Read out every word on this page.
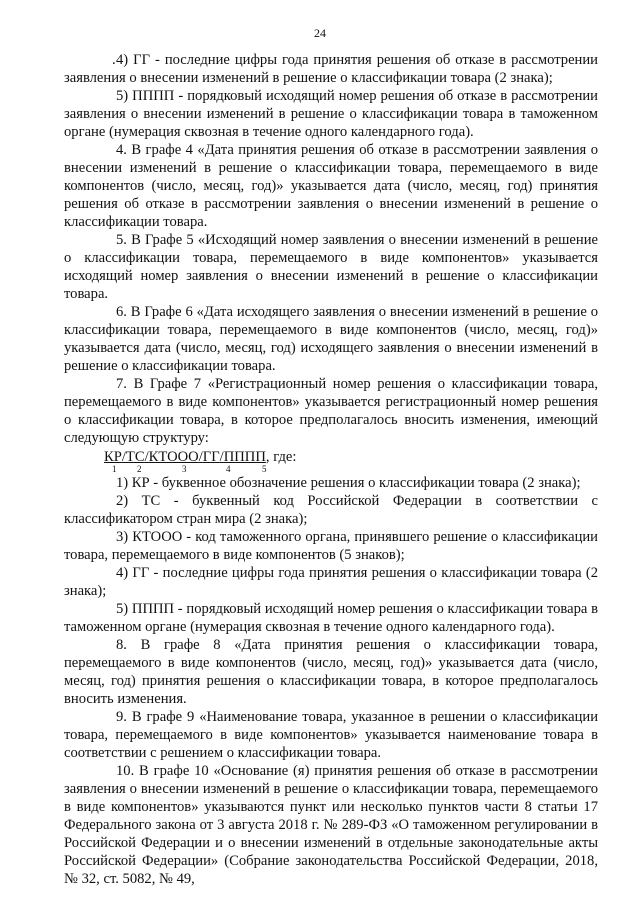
24

. 4) ГГ - последние цифры года принятия решения об отказе в рассмотрении заявления о внесении изменений в решение о классификации товара (2 знака);

5) ПППП - порядковый исходящий номер решения об отказе в рассмотрении заявления о внесении изменений в решение о классификации товара в таможенном органе (нумерация сквозная в течение одного календарного года).

4. В графе 4 «Дата принятия решения об отказе в рассмотрении заявления о внесении изменений в решение о классификации товара, перемещаемого в виде компонентов (число, месяц, год)» указывается дата (число, месяц, год) принятия решения об отказе в рассмотрении заявления о внесении изменений в решение о классификации товара.

5. В Графе 5 «Исходящий номер заявления о внесении изменений в решение о классификации товара, перемещаемого в виде компонентов» указывается исходящий номер заявления о внесении изменений в решение о классификации товара.

6. В Графе 6 «Дата исходящего заявления о внесении изменений в решение о классификации товара, перемещаемого в виде компонентов (число, месяц, год)» указывается дата (число, месяц, год) исходящего заявления о внесении изменений в решение о классификации товара.

7. В Графе 7 «Регистрационный номер решения о классификации товара, перемещаемого в виде компонентов» указывается регистрационный номер решения о классификации товара, в которое предполагалось вносить изменения, имеющий следующую структуру:

КР/ТС/КТООО/ГГ/ПППП, где:
1 2	3	4	5

1) КР - буквенное обозначение решения о классификации товара (2 знака);

2) ТС - буквенный код Российской Федерации в соответствии с классификатором стран мира (2 знака);

3) КТООО - код таможенного органа, принявшего решение о классификации товара, перемещаемого в виде компонентов (5 знаков);

4) ГГ - последние цифры года принятия решения о классификации товара (2 знака);

5) ПППП - порядковый исходящий номер решения о классификации товара в таможенном органе (нумерация сквозная в течение одного календарного года).

8. В графе 8 «Дата принятия решения о классификации товара, перемещаемого в виде компонентов (число, месяц, год)» указывается дата (число, месяц, год) принятия решения о классификации товара, в которое предполагалось вносить изменения.

9. В графе 9 «Наименование товара, указанное в решении о классификации товара, перемещаемого в виде компонентов» указывается наименование товара в соответствии с решением о классификации товара.

10. В графе 10 «Основание (я) принятия решения об отказе в рассмотрении заявления о внесении изменений в решение о классификации товара, перемещаемого в виде компонентов» указываются пункт или несколько пунктов части 8 статьи 17 Федерального закона от 3 августа 2018 г. № 289-ФЗ «О таможенном регулировании в Российской Федерации и о внесении изменений в отдельные законодательные акты Российской Федерации» (Собрание законодательства Российской Федерации, 2018, № 32, ст. 5082, № 49,
